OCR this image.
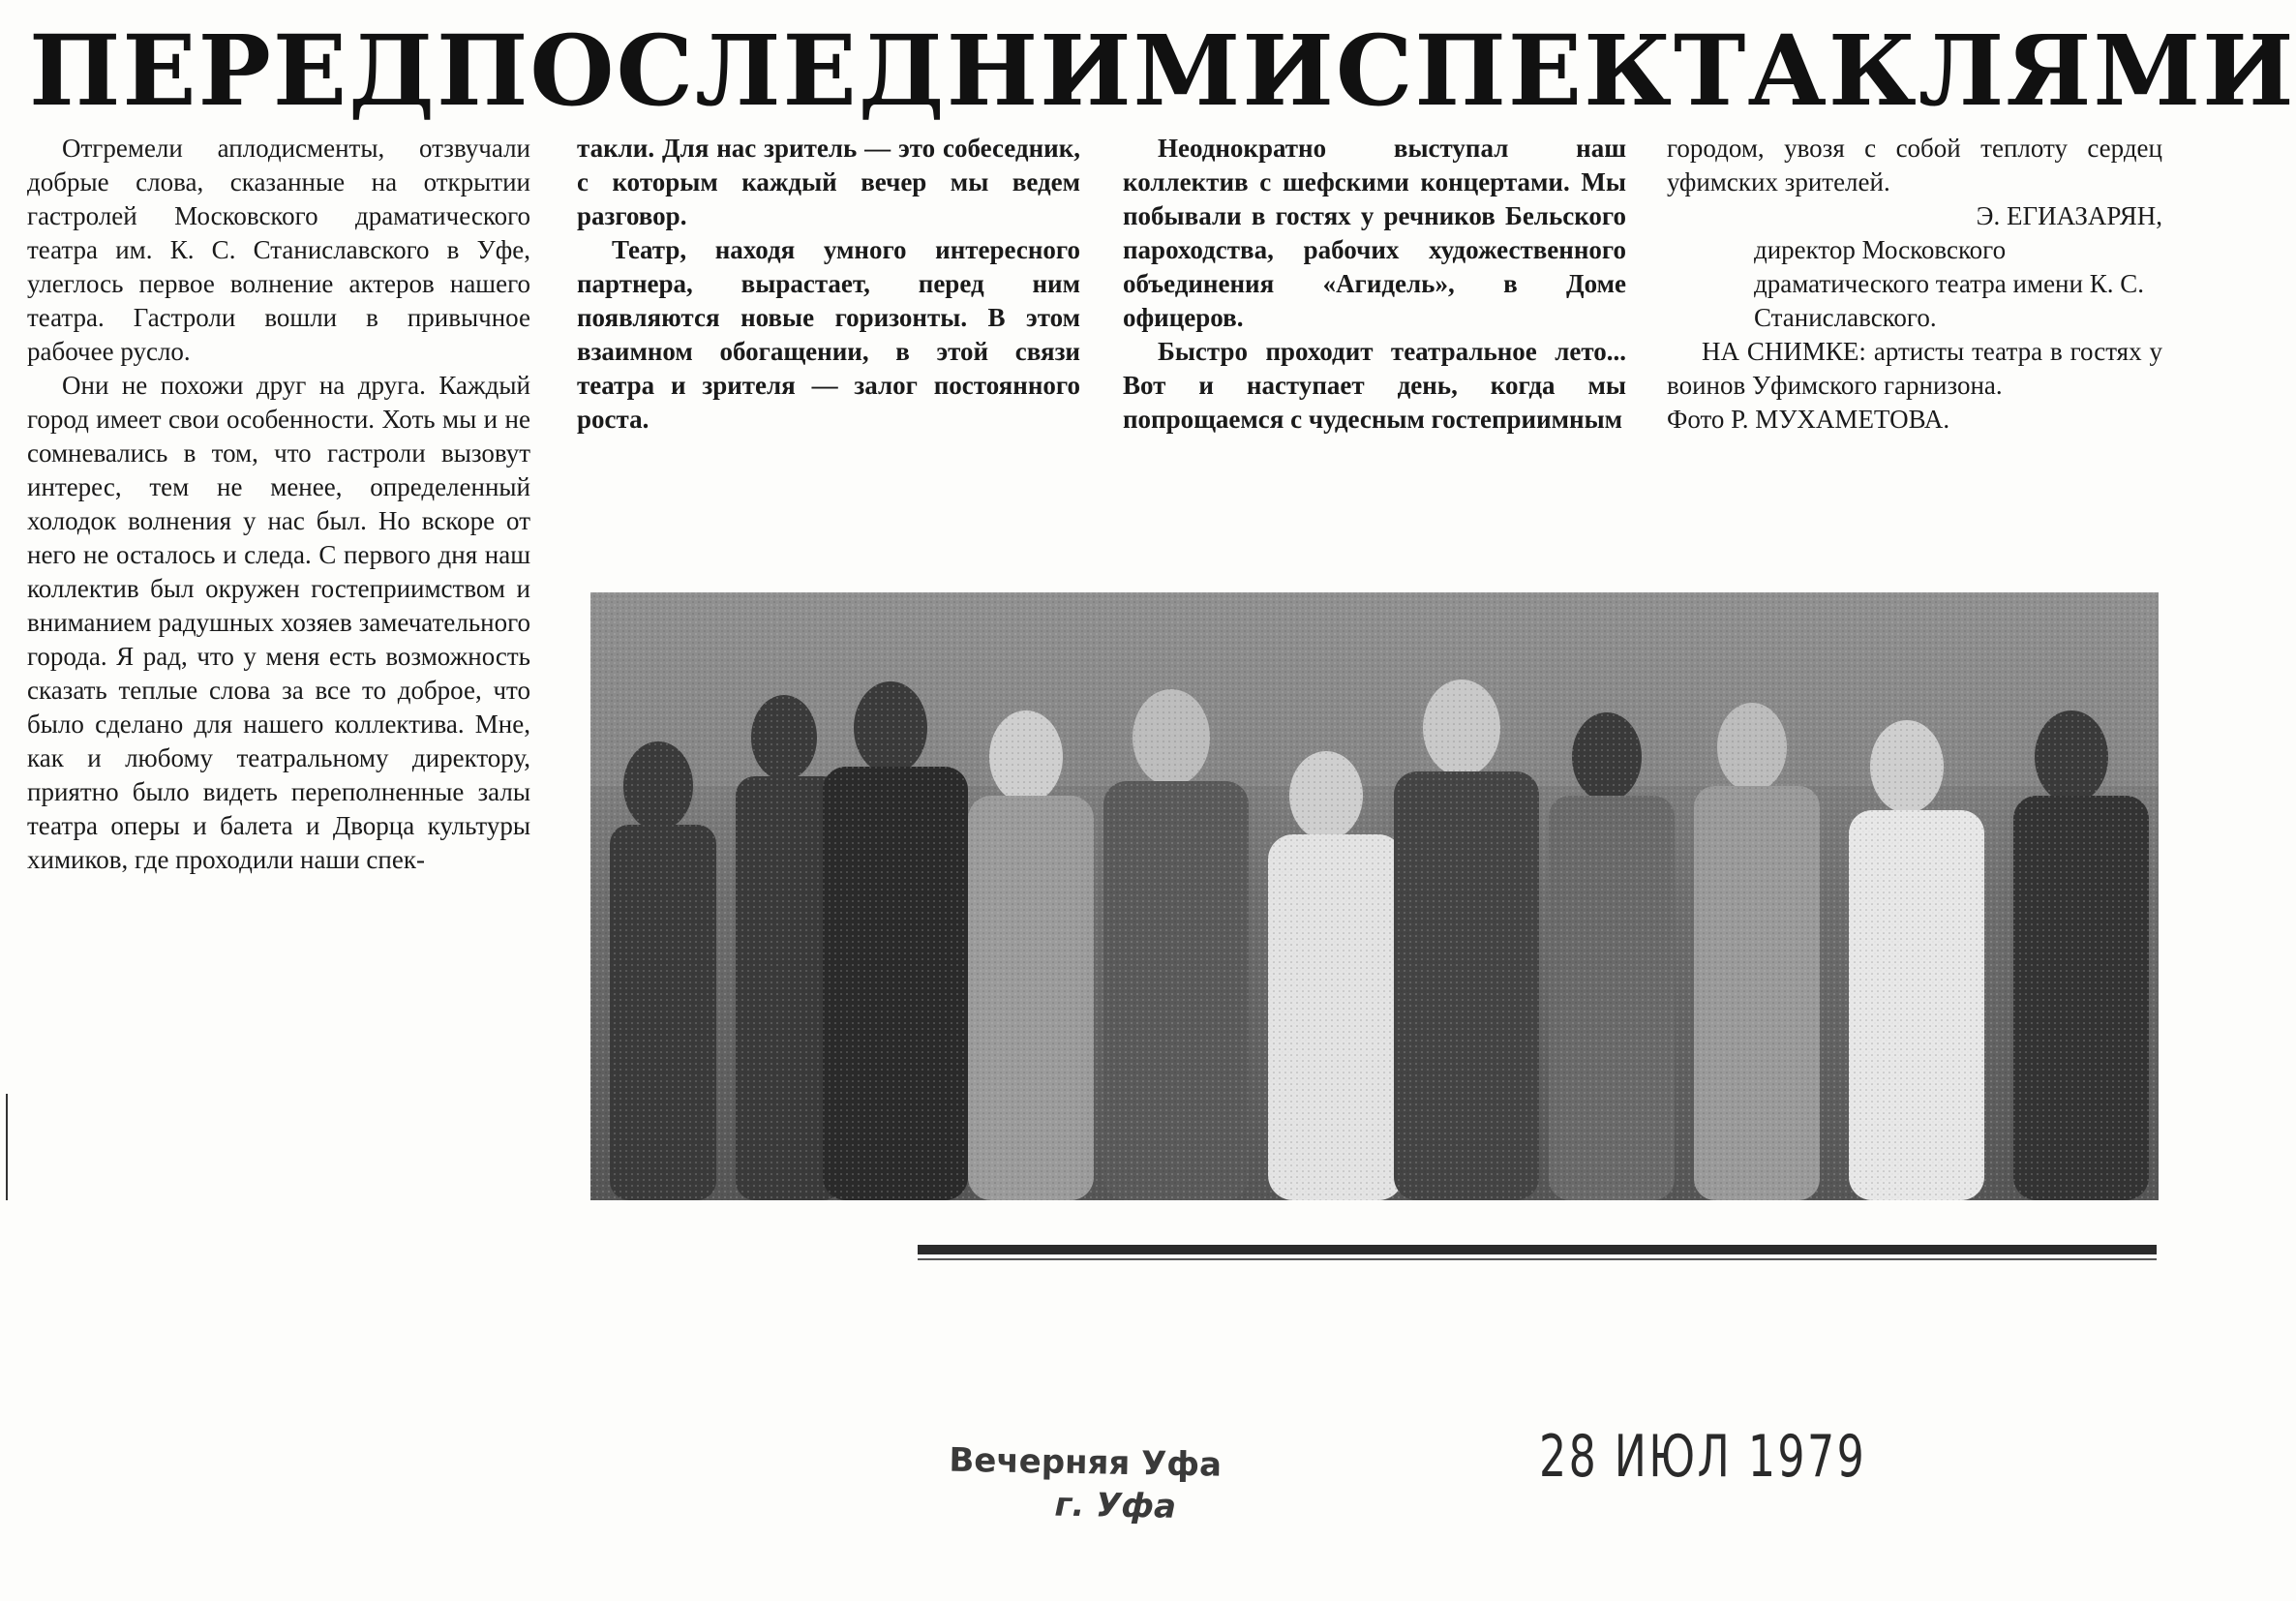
ПЕРЕД ПОСЛЕДНИМИ СПЕКТАКЛЯМИ

Отгремели аплодисменты, отзвучали добрые слова, сказанные на открытии гастролей Московского драматического театра им. К. С. Станиславского в Уфе, улеглось первое волнение актеров нашего театра. Гастроли вошли в привычное рабочее русло.

Они не похожи друг на друга. Каждый город имеет свои особенности. Хоть мы и не сомневались в том, что гастроли вызовут интерес, тем не менее, определенный холодок волнения у нас был. Но вскоре от него не осталось и следа. С первого дня наш коллектив был окружен гостеприимством и вниманием радушных хозяев замечательного города. Я рад, что у меня есть возможность сказать теплые слова за все то доброе, что было сделано для нашего коллектива. Мне, как и любому театральному директору, приятно было видеть переполненные залы театра оперы и балета и Дворца культуры химиков, где проходили наши спек-

такли. Для нас зритель — это собеседник, с которым каждый вечер мы ведем разговор.

Театр, находя умного интересного партнера, вырастает, перед ним появляются новые горизонты. В этом взаимном обогащении, в этой связи театра и зрителя — залог постоянного роста.

Неоднократно выступал наш коллектив с шефскими концертами. Мы побывали в гостях у речников Бельского пароходства, рабочих художественного объединения «Агидель», в Доме офицеров.

Быстро проходит театральное лето... Вот и наступает день, когда мы попрощаемся с чудесным гостеприимным

городом, увозя с собой теплоту сердец уфимских зрителей.

Э. ЕГИАЗАРЯН,

директор Московского драматического театра имени К. С. Станиславского.

НА СНИМКЕ: артисты театра в гостях у воинов Уфимского гарнизона.

Фото Р. МУХАМЕТОВА.

Вечерняя Уфа
г. Уфа
28 ИЮЛ 1979
